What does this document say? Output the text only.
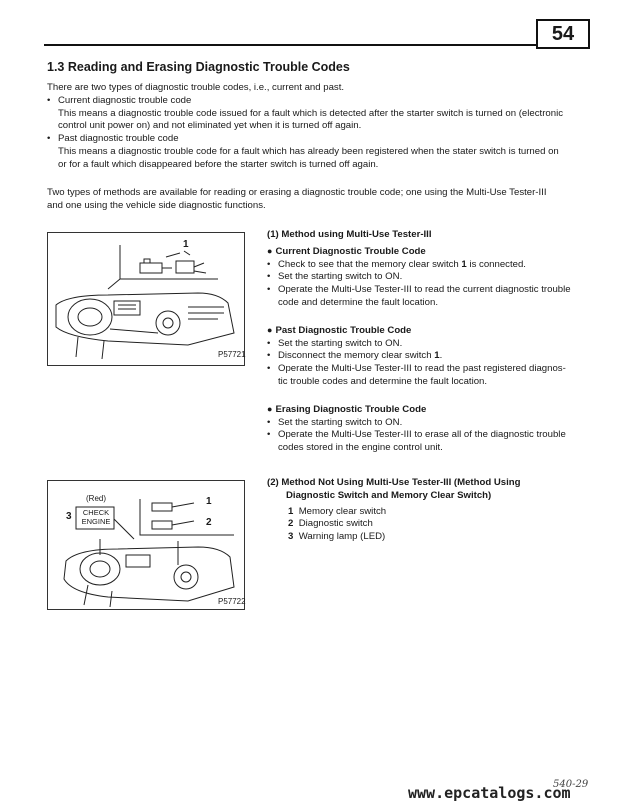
54
1.3 Reading and Erasing Diagnostic Trouble Codes
There are two types of diagnostic trouble codes, i.e., current and past.
• Current diagnostic trouble code
This means a diagnostic trouble code issued for a fault which is detected after the starter switch is turned on (electronic
control unit power on) and not eliminated yet when it is turned off again.
• Past diagnostic trouble code
This means a diagnostic trouble code for a fault which has already been registered when the stater switch is turned on
or for a fault which disappeared before the starter switch is turned off again.
Two types of methods are available for reading or erasing a diagnostic trouble code; one using the Multi-Use Tester-III
and one using the vehicle side diagnostic functions.
1
P57721
(1) Method using Multi-Use Tester-III
● Current Diagnostic Trouble Code
• Check to see that the memory clear switch 1 is connected.
• Set the starting switch to ON.
• Operate the Multi-Use Tester-III to read the current diagnostic trouble
code and determine the fault location.
● Past Diagnostic Trouble Code
• Set the starting switch to ON.
• Disconnect the memory clear switch 1.
• Operate the Multi-Use Tester-III to read the past registered diagnos-
tic trouble codes and determine the fault location.
● Erasing Diagnostic Trouble Code
• Set the starting switch to ON.
• Operate the Multi-Use Tester-III to erase all of the diagnostic trouble
codes stored in the engine control unit.
(Red)
CHECK
ENGINE
3
1
2
P57722
(2) Method Not Using Multi-Use Tester-III (Method Using
Diagnostic Switch and Memory Clear Switch)
1 Memory clear switch
2 Diagnostic switch
3 Warning lamp (LED)
www.epcatalogs.com
540-29
